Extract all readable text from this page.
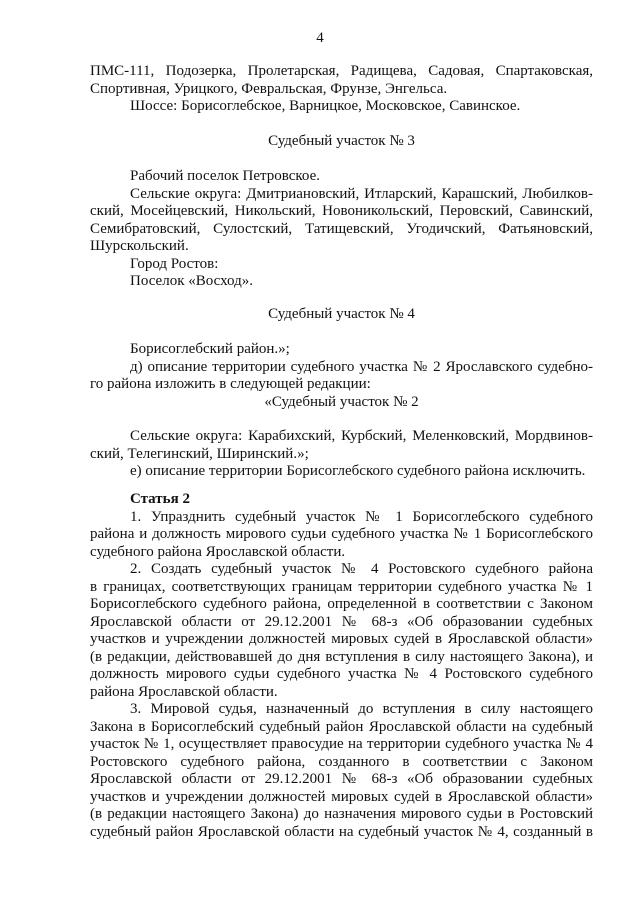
4
ПМС-111, Подозерка, Пролетарская, Радищева, Садовая, Спартаковская,
Спортивная, Урицкого, Февральская, Фрунзе, Энгельса.
Шоссе: Борисоглебское, Варницкое, Московское, Савинское.
Судебный участок № 3
Рабочий поселок Петровское.
Сельские округа: Дмитриановский, Итларский, Карашский, Любилков-
ский, Мосейцевский, Никольский, Новоникольский, Перовский, Савинский,
Семибратовский, Сулостский, Татищевский, Угодичский, Фатьяновский,
Шурскольский.
Город Ростов:
Поселок «Восход».
Судебный участок № 4
Борисоглебский район.»;
д) описание территории судебного участка № 2 Ярославского судебно-
го района изложить в следующей редакции:
«Судебный участок № 2
Сельские округа: Карабихский, Курбский, Меленковский, Мордвинов-
ский, Телегинский, Ширинский.»;
е) описание территории Борисоглебского судебного района исключить.
Статья 2
1. Упразднить судебный участок № 1 Борисоглебского судебного
района и должность мирового судьи судебного участка № 1 Борисоглебского
судебного района Ярославской области.
2. Создать судебный участок № 4 Ростовского судебного района
в границах, соответствующих границам территории судебного участка № 1
Борисоглебского судебного района, определенной в соответствии с Законом
Ярославской области от 29.12.2001 № 68-з «Об образовании судебных
участков и учреждении должностей мировых судей в Ярославской области»
(в редакции, действовавшей до дня вступления в силу настоящего Закона), и
должность мирового судьи судебного участка № 4 Ростовского судебного
района Ярославской области.
3. Мировой судья, назначенный до вступления в силу настоящего
Закона в Борисоглебский судебный район Ярославской области на судебный
участок № 1, осуществляет правосудие на территории судебного участка № 4
Ростовского судебного района, созданного в соответствии с Законом
Ярославской области от 29.12.2001 № 68-з «Об образовании судебных
участков и учреждении должностей мировых судей в Ярославской области»
(в редакции настоящего Закона) до назначения мирового судьи в Ростовский
судебный район Ярославской области на судебный участок № 4, созданный в
